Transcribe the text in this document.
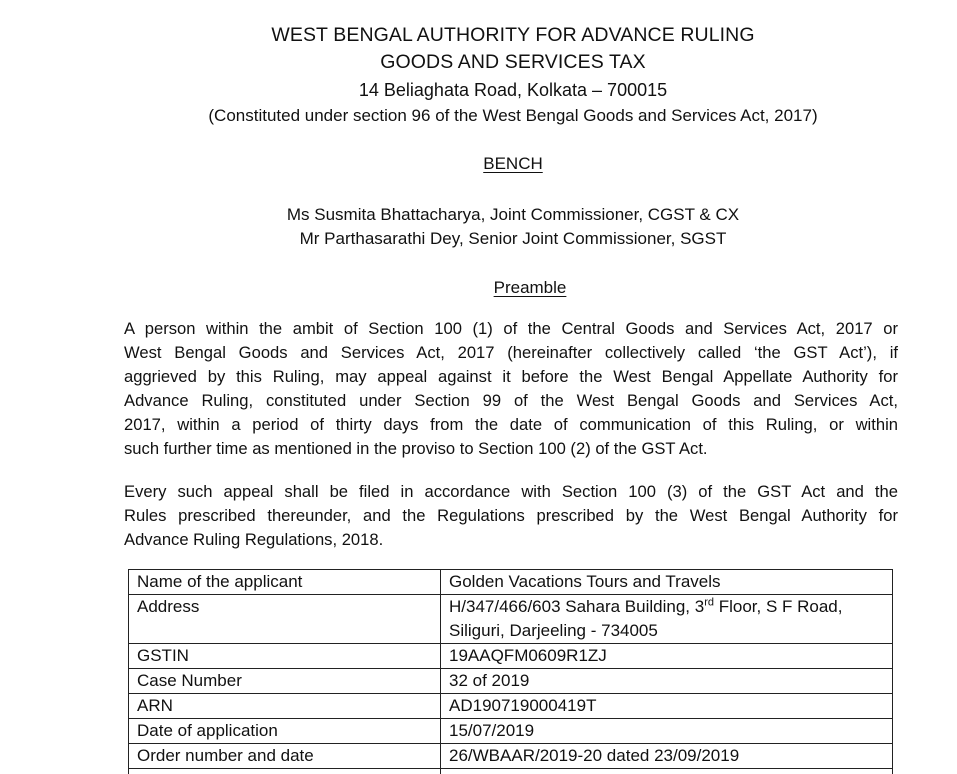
WEST BENGAL AUTHORITY FOR ADVANCE RULING
GOODS AND SERVICES TAX
14 Beliaghata Road, Kolkata – 700015
(Constituted under section 96 of the West Bengal Goods and Services Act, 2017)
BENCH
Ms Susmita Bhattacharya, Joint Commissioner, CGST & CX
Mr Parthasarathi Dey, Senior Joint Commissioner, SGST
Preamble
A person within the ambit of Section 100 (1) of the Central Goods and Services Act, 2017 or
West Bengal Goods and Services Act, 2017 (hereinafter collectively called ‘the GST Act’), if
aggrieved by this Ruling, may appeal against it before the West Bengal Appellate Authority for
Advance Ruling, constituted under Section 99 of the West Bengal Goods and Services Act,
2017, within a period of thirty days from the date of communication of this Ruling, or within
such further time as mentioned in the proviso to Section 100 (2) of the GST Act.
Every such appeal shall be filed in accordance with Section 100 (3) of the GST Act and the
Rules prescribed thereunder, and the Regulations prescribed by the West Bengal Authority for
Advance Ruling Regulations, 2018.
Name of the applicant	Golden Vacations Tours and Travels
Address	H/347/466/603 Sahara Building, 3rd Floor, S F Road,
Siliguri, Darjeeling - 734005
GSTIN	19AAQFM0609R1ZJ
Case Number	32 of 2019
ARN	AD190719000419T
Date of application	15/07/2019
Order number and date	26/WBAAR/2019-20 dated 23/09/2019
